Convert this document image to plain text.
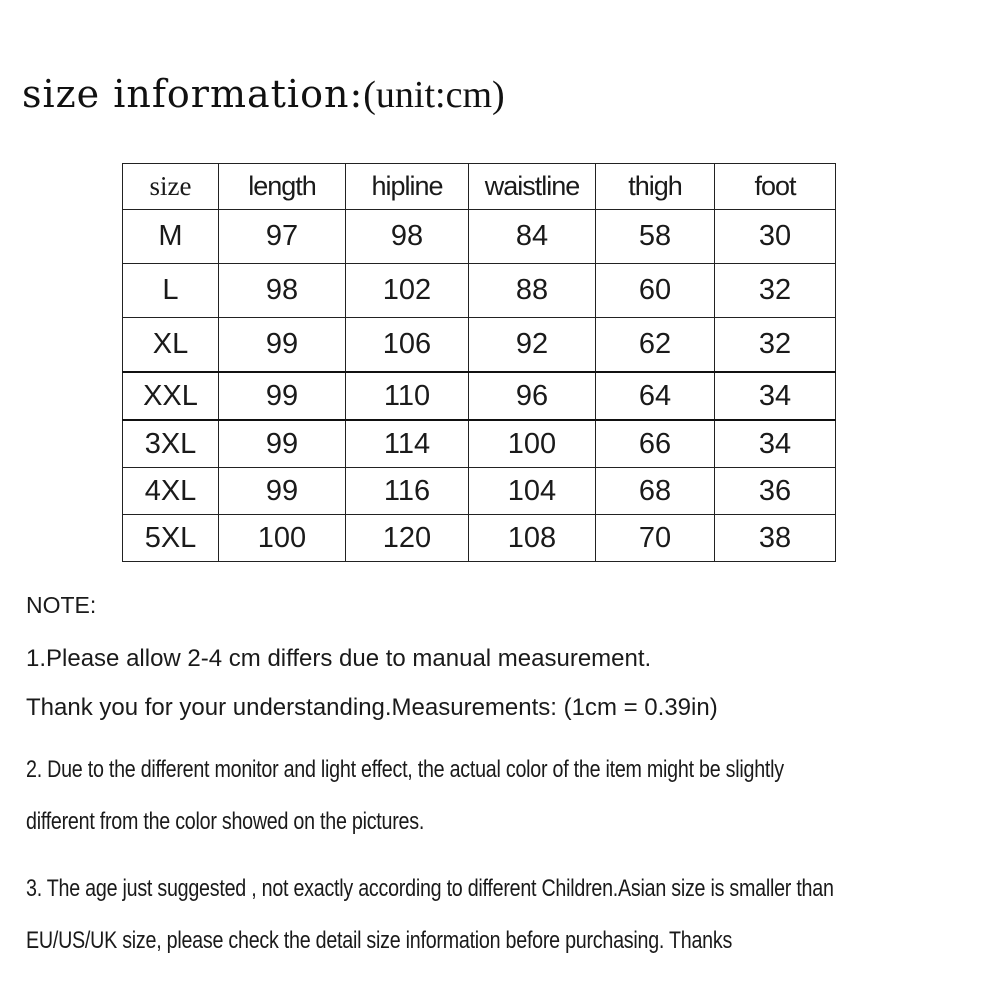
size information:(unit:cm)
size	length	hipline	waistline	thigh	foot
M	97	98	84	58	30
L	98	102	88	60	32
XL	99	106	92	62	32
XXL	99	110	96	64	34
3XL	99	114	100	66	34
4XL	99	116	104	68	36
5XL	100	120	108	70	38
NOTE:
1.Please allow 2-4 cm differs due to manual measurement.
Thank you for your understanding.Measurements: (1cm = 0.39in)
2. Due to the different monitor and light effect, the actual color of the item might be slightly
different from the color showed on the pictures.
3. The age just suggested , not exactly according to different Children.Asian size is smaller than
EU/US/UK size, please check the detail size information before purchasing. Thanks
